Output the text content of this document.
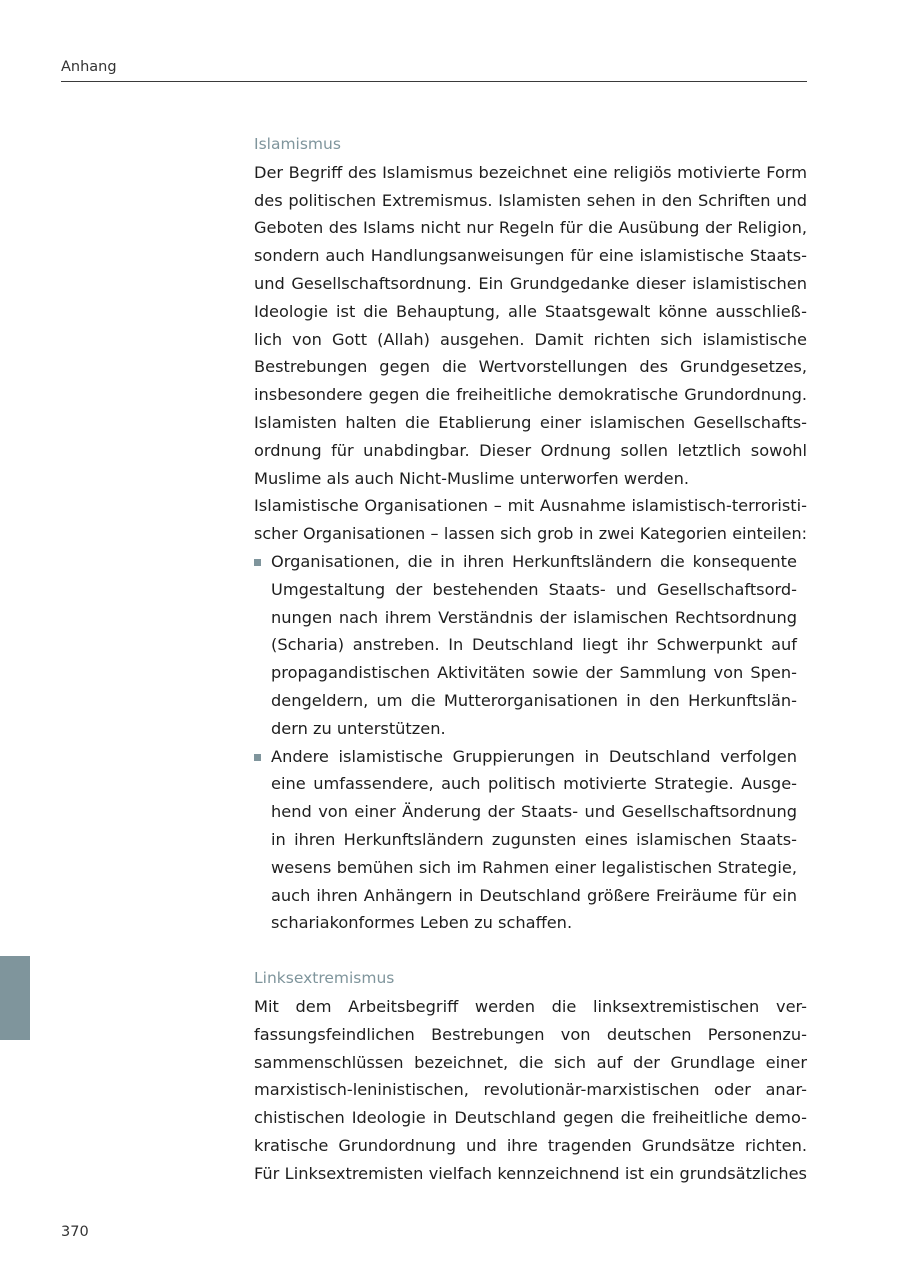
Anhang
Islamismus
Der Begriff des Islamismus bezeichnet eine religiös motivierte Form
des politischen Extremismus. Islamisten sehen in den Schriften und
Geboten des Islams nicht nur Regeln für die Ausübung der Religion,
sondern auch Handlungsanweisungen für eine islamistische Staats-
und Gesellschaftsordnung. Ein Grundgedanke dieser islamistischen
Ideologie ist die Behauptung, alle Staatsgewalt könne ausschließ-
lich von Gott (Allah) ausgehen. Damit richten sich islamistische
Bestrebungen gegen die Wertvorstellungen des Grundgesetzes,
insbesondere gegen die freiheitliche demokratische Grundordnung.
Islamisten halten die Etablierung einer islamischen Gesellschafts-
ordnung für unabdingbar. Dieser Ordnung sollen letztlich sowohl
Muslime als auch Nicht-Muslime unterworfen werden.
Islamistische Organisationen – mit Ausnahme islamistisch-terroristi-
scher Organisationen – lassen sich grob in zwei Kategorien einteilen:
Organisationen, die in ihren Herkunftsländern die konsequente
Umgestaltung der bestehenden Staats- und Gesellschaftsord-
nungen nach ihrem Verständnis der islamischen Rechtsordnung
(Scharia) anstreben. In Deutschland liegt ihr Schwerpunkt auf
propagandistischen Aktivitäten sowie der Sammlung von Spen-
dengeldern, um die Mutterorganisationen in den Herkunftslän-
dern zu unterstützen.
Andere islamistische Gruppierungen in Deutschland verfolgen
eine umfassendere, auch politisch motivierte Strategie. Ausge-
hend von einer Änderung der Staats- und Gesellschaftsordnung
in ihren Herkunftsländern zugunsten eines islamischen Staats-
wesens bemühen sich im Rahmen einer legalistischen Strategie,
auch ihren Anhängern in Deutschland größere Freiräume für ein
schariakonformes Leben zu schaffen.
Linksextremismus
Mit dem Arbeitsbegriff werden die linksextremistischen ver-
fassungsfeindlichen Bestrebungen von deutschen Personenzu-
sammenschlüssen bezeichnet, die sich auf der Grundlage einer
marxistisch-leninistischen, revolutionär-marxistischen oder anar-
chistischen Ideologie in Deutschland gegen die freiheitliche demo-
kratische Grundordnung und ihre tragenden Grundsätze richten.
Für Linksextremisten vielfach kennzeichnend ist ein grundsätzliches
370
